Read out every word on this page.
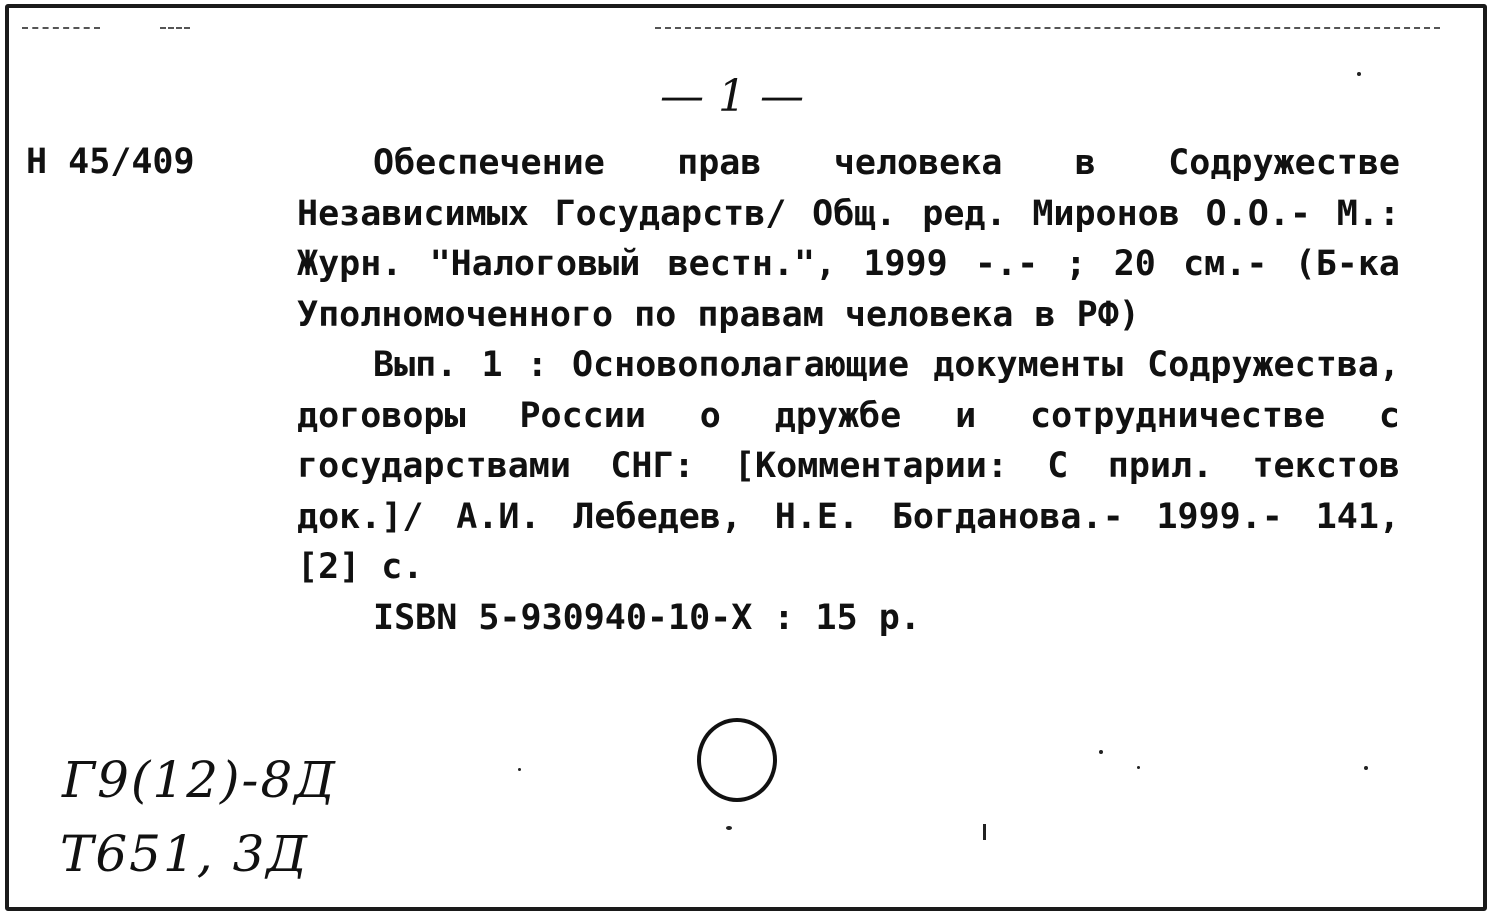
— 1 —
Н 45/409	Обеспечение прав человека в Содружестве Независимых Государств/ Общ. ред. Миронов О.О.- М.: Журн. "Налоговый вестн.", 1999 -.- ; 20 см.- (Б-ка Уполномоченного по правам человека в РФ)

Вып. 1 : Основополагающие документы Содружества, договоры России о дружбе и сотрудничестве с государствами СНГ: [Комментарии: С прил. текстов док.]/ А.И. Лебедев, Н.Е. Богданова.- 1999.- 141, [2] с.

ISBN 5-930940-10-X : 15 р.

Г9(12)-8Д
Т651, 3Д
